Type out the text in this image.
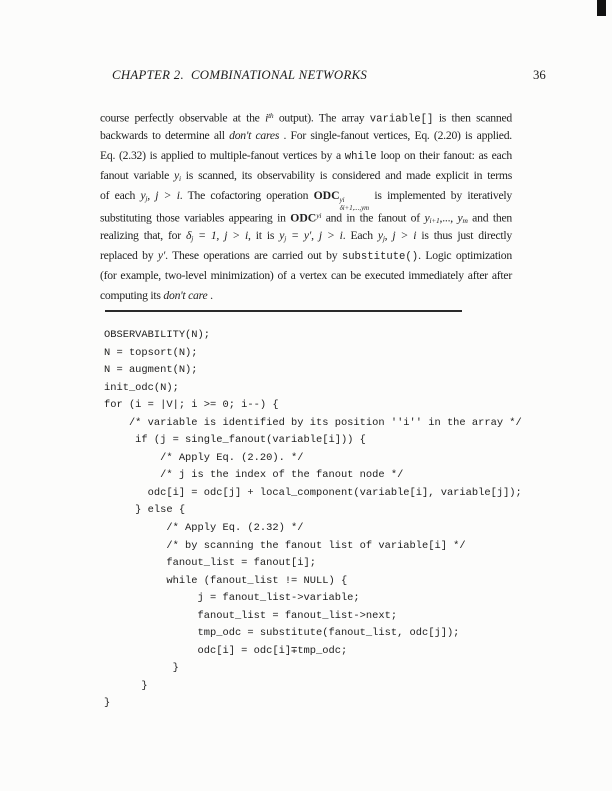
CHAPTER 2.  COMBINATIONAL NETWORKS	36
course perfectly observable at the $i^{th}$ output). The array variable[] is then scanned
backwards to determine all don't cares . For single-fanout vertices, Eq. (2.20) is applied.
Eq. (2.32) is applied to multiple-fanout vertices by a while loop on their fanout: as each
fanout variable $y_i$ is scanned, its observability is considered and made explicit in terms
of each $y_j$, j > i. The cofactoring operation ODC yi
δi+1,...,ym
is implemented by iteratively
substituting those variables appearing in $ODC^{yi}$ and in the fanout of $y_{i+1}$,..., $y_m$ and then
realizing that, for $\delta_j = 1$, j > i, it is $y_j = y'$, j > i. Each $y_j$, j > i is thus just directly
replaced by y′. These operations are carried out by substitute(). Logic optimization
(for example, two-level minimization) of a vertex can be executed immediately after after
computing its don't care .
OBSERVABILITY(N);
N = topsort(N);
N = augment(N);
init_odc(N);
for (i = |V|; i >= 0; i--) {
/* variable is identified by its position ''i'' in the array */
if (j = single_fanout(variable[i])) {
/* Apply Eq. (2.20). */
/* j is the index of the fanout node */
odc[i] = odc[j] + local_component(variable[i], variable[j]);
} else {
/* Apply Eq. (2.32) */
/* by scanning the fanout list of variable[i] */
fanout_list = fanout[i];
while (fanout_list != NULL) {
j = fanout_list->variable;
fanout_list = fanout_list->next;
tmp_odc = substitute(fanout_list, odc[j]);
odc[i] = odc[i]∓tmp_odc;
}
}
}
